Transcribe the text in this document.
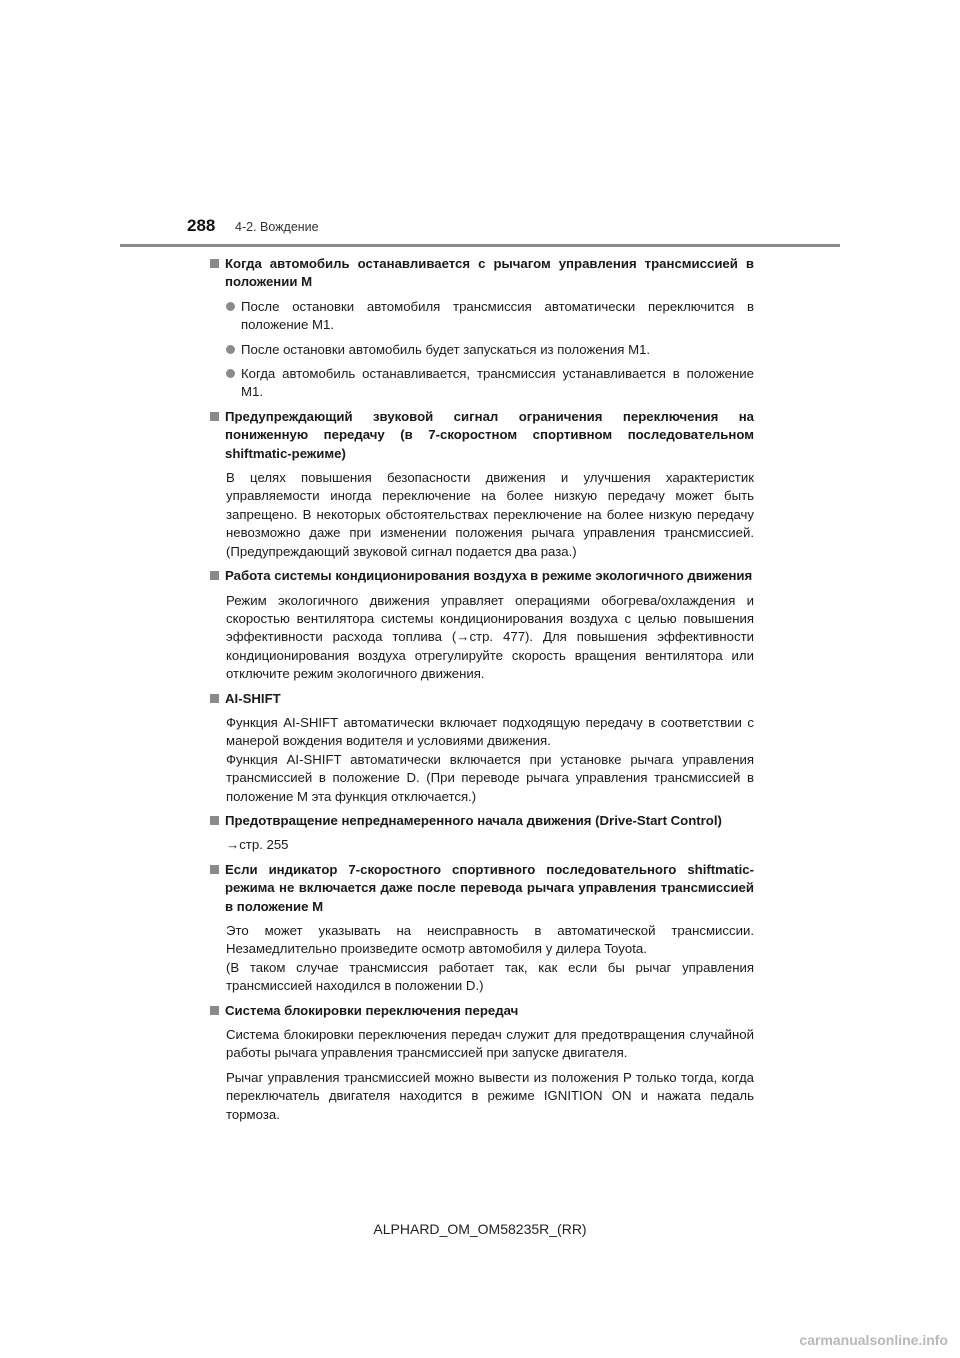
288 4-2. Вождение
Когда автомобиль останавливается с рычагом управления трансмиссией в положении M
После остановки автомобиля трансмиссия автоматически переключится в положение M1.
После остановки автомобиль будет запускаться из положения M1.
Когда автомобиль останавливается, трансмиссия устанавливается в положение M1.
Предупреждающий звуковой сигнал ограничения переключения на пониженную передачу (в 7-скоростном спортивном последовательном shiftmatic-режиме)

В целях повышения безопасности движения и улучшения характеристик управляемости иногда переключение на более низкую передачу может быть запрещено. В некоторых обстоятельствах переключение на более низкую передачу невозможно даже при изменении положения рычага управления трансмиссией. (Предупреждающий звуковой сигнал подается два раза.)

Работа системы кондиционирования воздуха в режиме экологичного движения

Режим экологичного движения управляет операциями обогрева/охлаждения и скоростью вентилятора системы кондиционирования воздуха с целью повышения эффективности расхода топлива (→стр. 477). Для повышения эффективности кондиционирования воздуха отрегулируйте скорость вращения вентилятора или отключите режим экологичного движения.

AI-SHIFT

Функция AI-SHIFT автоматически включает подходящую передачу в соответствии с манерой вождения водителя и условиями движения.

Функция AI-SHIFT автоматически включается при установке рычага управления трансмиссией в положение D. (При переводе рычага управления трансмиссией в положение M эта функция отключается.)

Предотвращение непреднамеренного начала движения (Drive-Start Control)

→стр. 255

Если индикатор 7-скоростного спортивного последовательного shiftmatic-режима не включается даже после перевода рычага управления трансмиссией в положение M

Это может указывать на неисправность в автоматической трансмиссии. Незамедлительно произведите осмотр автомобиля у дилера Toyota.

(В таком случае трансмиссия работает так, как если бы рычаг управления трансмиссией находился в положении D.)

Система блокировки переключения передач

Система блокировки переключения передач служит для предотвращения случайной работы рычага управления трансмиссией при запуске двигателя.

Рычаг управления трансмиссией можно вывести из положения P только тогда, когда переключатель двигателя находится в режиме IGNITION ON и нажата педаль тормоза.

ALPHARD_OM_OM58235R_(RR)
carmanualsonline.info
